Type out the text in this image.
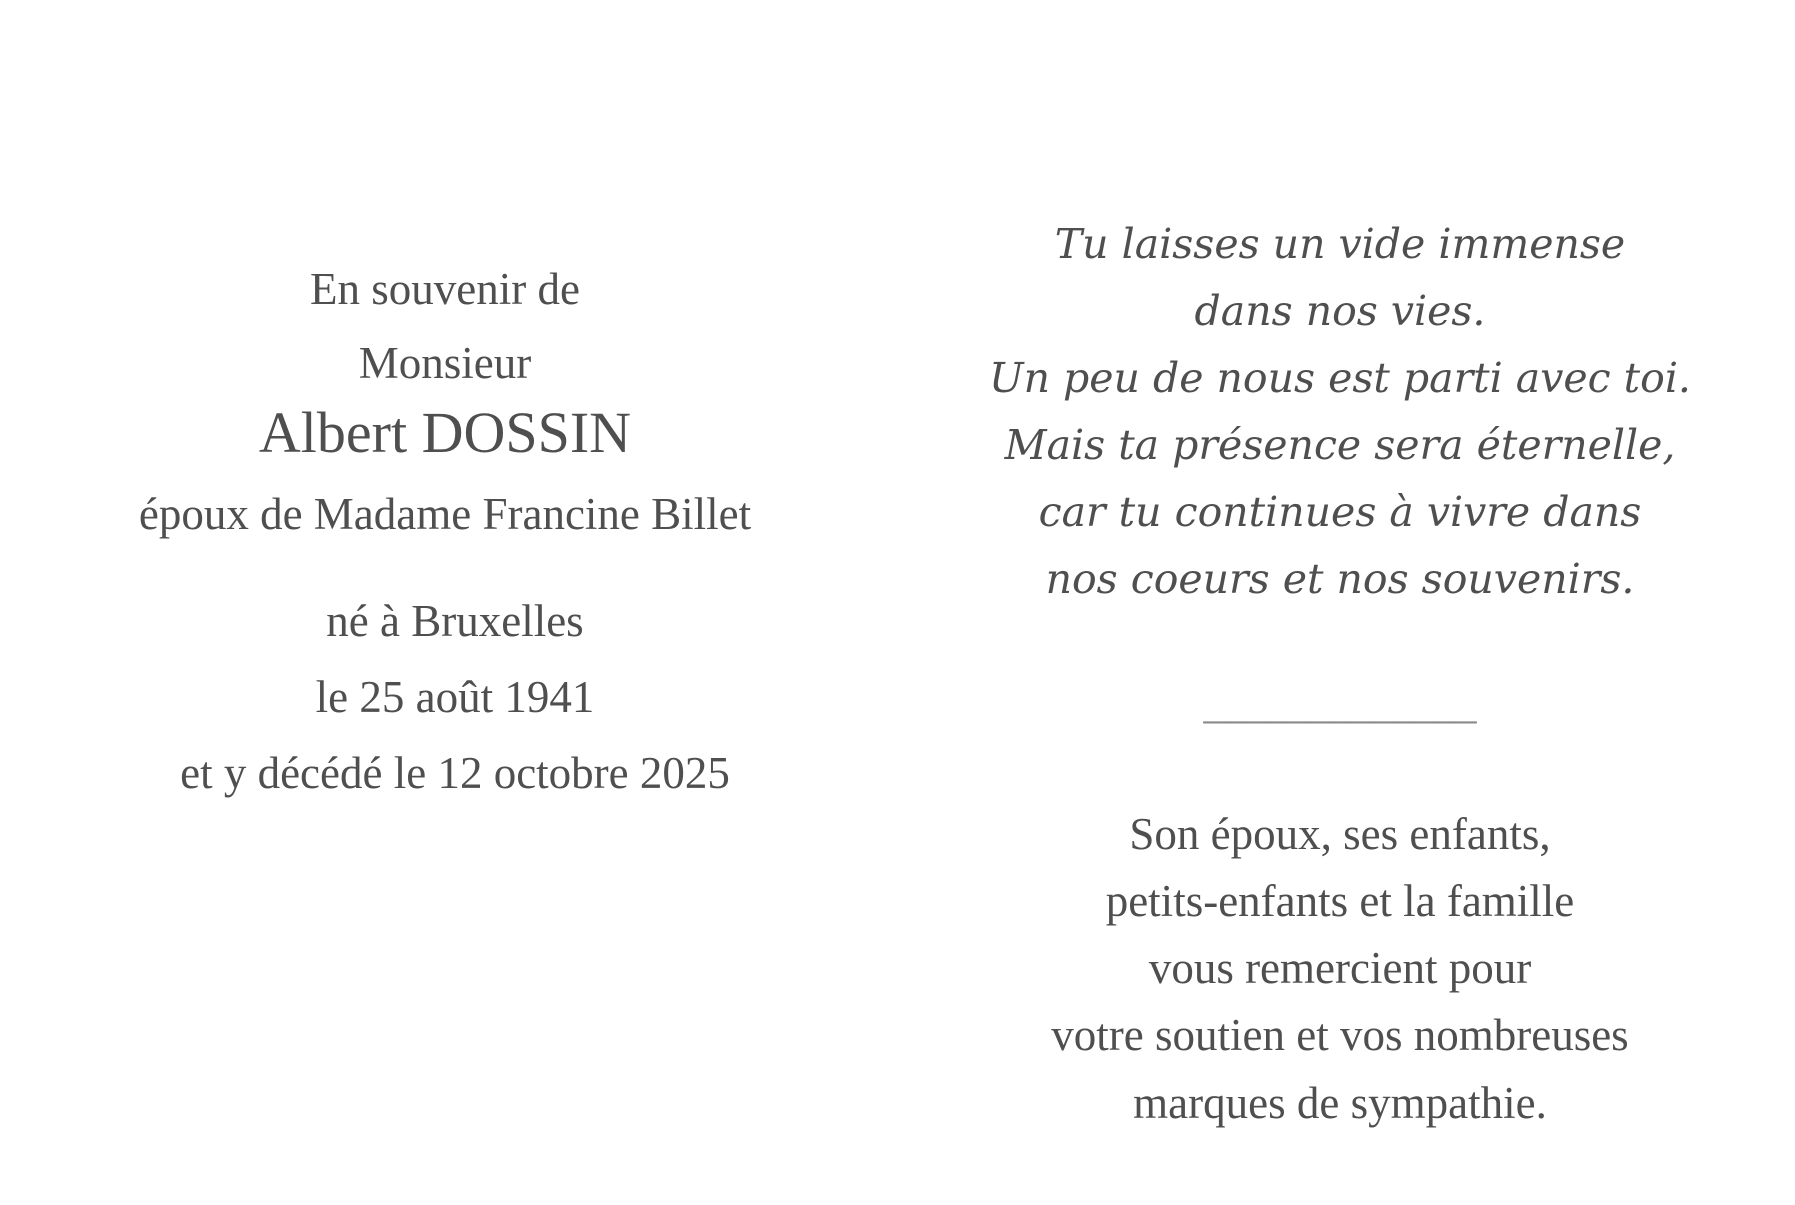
En souvenir de
Monsieur
Albert DOSSIN
époux de Madame Francine Billet
né à Bruxelles
le 25 août 1941
et y décédé le 12 octobre 2025
Tu laisses un vide immense
dans nos vies.
Un peu de nous est parti avec toi.
Mais ta présence sera éternelle,
car tu continues à vivre dans
nos coeurs et nos souvenirs.
_____________
Son époux, ses enfants,
petits-enfants et la famille
vous remercient pour
votre soutien et vos nombreuses
marques de sympathie.
